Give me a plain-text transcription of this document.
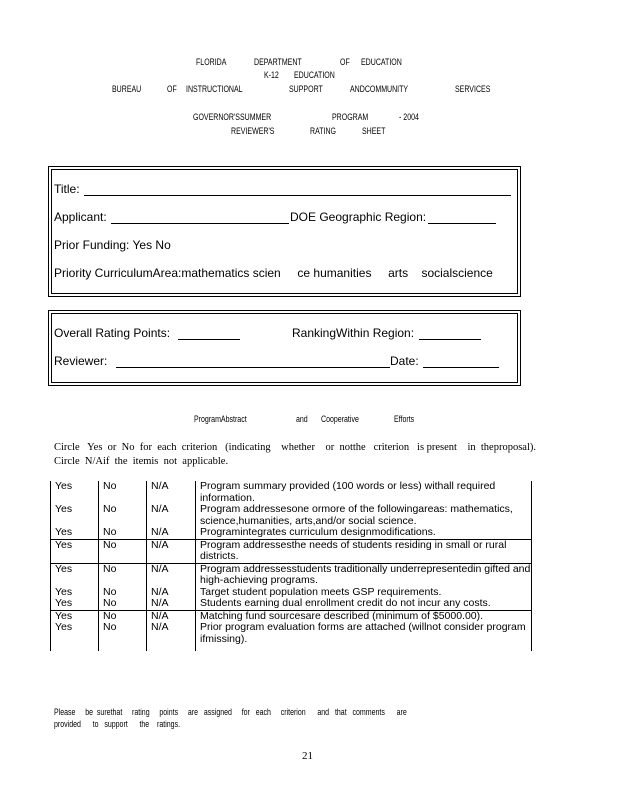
FLORIDA

	DEPARTMENT

	OF

EDUCATION

K-12

EDUCATION

BUREAU

	OF

INSTRUCTIONAL

	SUPPORT

	ANDCOMMUNITY

	SERVICES

GOVERNOR'SSUMMER

	PROGRAM

	- 2004

REVIEWER'S

	RATING

	SHEET

Title:
Applicant:	DOE Geographic Region:
Prior Funding: Yes No
Priority CurriculumArea:mathematics scien     ce humanities     arts    socialscience
Overall Rating Points:	RankingWithin Region:
Reviewer:	Date:
ProgramAbstract	and Cooperative	Efforts
Circle   Yes  or  No  for  each  criterion   (indicating    whether    or  notthe   criterion   is present    in  theproposal).
Circle  N/Aif  the  itemis  not  applicable.
Yes	No	N/A	Program summary provided (100 words or less) withall required information.
Yes	No	N/A	Program addressesone ormore of the followingareas: mathematics, science,humanities, arts,and/or social science.
Yes	No	N/A	Programintegrates curriculum designmodifications.
Yes	No	N/A	Program addressesthe needs of students residing in small or rural districts.
Yes	No	N/A	Program addressesstudents traditionally underrepresentedin gifted and high-achieving programs.
Yes	No	N/A	Target student population meets GSP requirements.
Yes	No	N/A	Students earning dual enrollment credit do not incur any costs.
Yes	No	N/A	Matching fund sourcesare described (minimum of $5000.00).
Yes	No	N/A	Prior program evaluation forms are attached (willnot consider program ifmissing).

Please     be  surethat     rating     points     are   assigned     for   each     criterion      and   that   comments      are
provided      to   support      the    ratings.
21
